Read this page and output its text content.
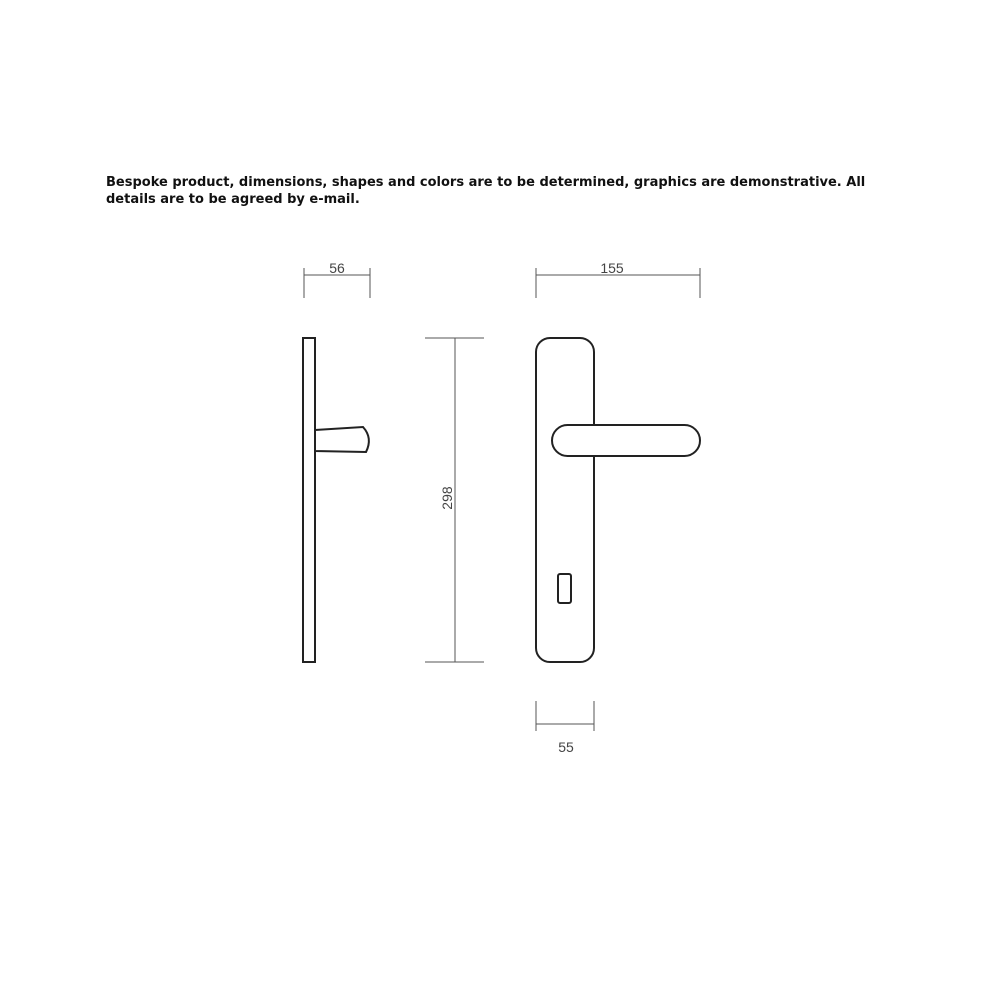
Bespoke product, dimensions, shapes and colors are to be determined, graphics are demonstrative. All details are to be agreed by e-mail.

56	155
298
55
